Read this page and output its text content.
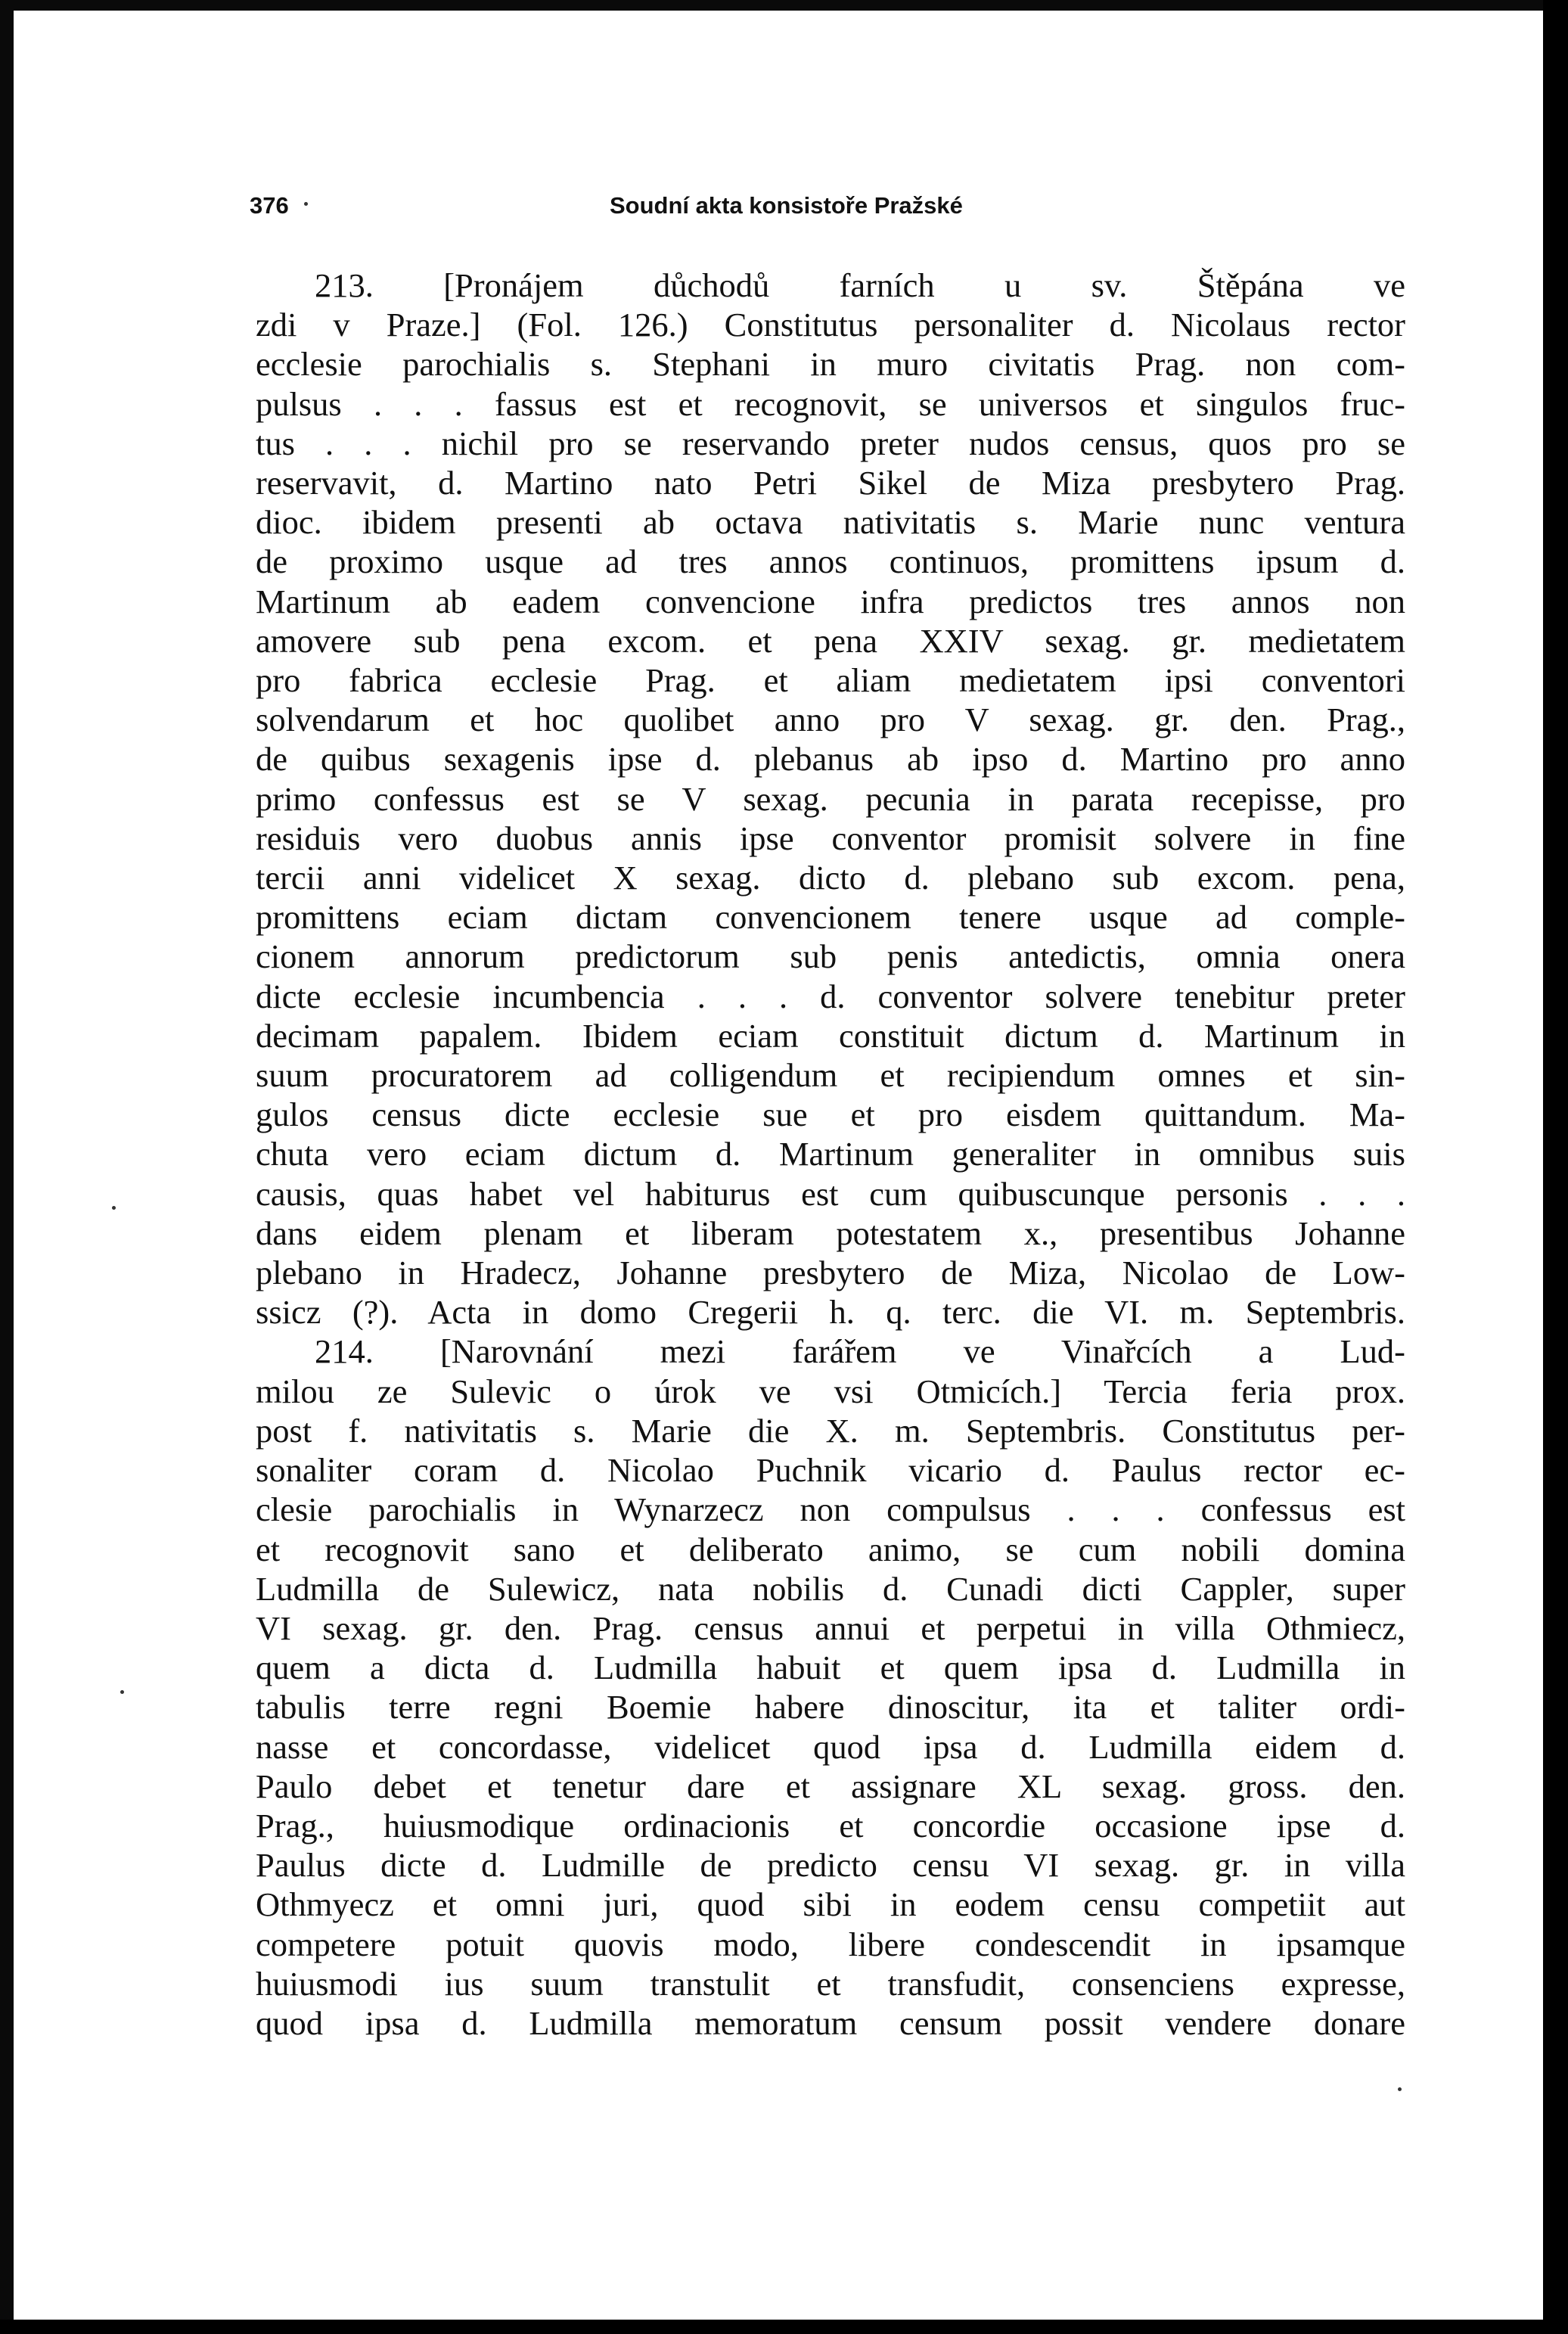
376	Soudní akta konsistoře Pražské
213. [Pronájem důchodů farních u sv. Štěpána ve
zdi v Praze.] (Fol. 126.) Constitutus personaliter d. Nicolaus rector
ecclesie parochialis s. Stephani in muro civitatis Prag. non com-
pulsus . . . fassus est et recognovit, se universos et singulos fruc-
tus . . . nichil pro se reservando preter nudos census, quos pro se
reservavit, d. Martino nato Petri Sikel de Miza presbytero Prag.
dioc. ibidem presenti ab octava nativitatis s. Marie nunc ventura
de proximo usque ad tres annos continuos, promittens ipsum d.
Martinum ab eadem convencione infra predictos tres annos non
amovere sub pena excom. et pena XXIV sexag. gr. medietatem
pro fabrica ecclesie Prag. et aliam medietatem ipsi conventori
solvendarum et hoc quolibet anno pro V sexag. gr. den. Prag.,
de quibus sexagenis ipse d. plebanus ab ipso d. Martino pro anno
primo confessus est se V sexag. pecunia in parata recepisse, pro
residuis vero duobus annis ipse conventor promisit solvere in fine
tercii anni videlicet X sexag. dicto d. plebano sub excom. pena,
promittens eciam dictam convencionem tenere usque ad comple-
cionem annorum predictorum sub penis antedictis, omnia onera
dicte ecclesie incumbencia . . . d. conventor solvere tenebitur preter
decimam papalem. Ibidem eciam constituit dictum d. Martinum in
suum procuratorem ad colligendum et recipiendum omnes et sin-
gulos census dicte ecclesie sue et pro eisdem quittandum. Ma-
chuta vero eciam dictum d. Martinum generaliter in omnibus suis
causis, quas habet vel habiturus est cum quibuscunque personis . . .
dans eidem plenam et liberam potestatem x., presentibus Johanne
plebano in Hradecz, Johanne presbytero de Miza, Nicolao de Low-
ssicz (?). Acta in domo Cregerii h. q. terc. die VI. m. Septembris.
214. [Narovnání mezi farářem ve Vinařcích a Lud-
milou ze Sulevic o úrok ve vsi Otmicích.] Tercia feria prox.
post f. nativitatis s. Marie die X. m. Septembris. Constitutus per-
sonaliter coram d. Nicolao Puchnik vicario d. Paulus rector ec-
clesie parochialis in Wynarzecz non compulsus . . . confessus est
et recognovit sano et deliberato animo, se cum nobili domina
Ludmilla de Sulewicz, nata nobilis d. Cunadi dicti Cappler, super
VI sexag. gr. den. Prag. census annui et perpetui in villa Othmiecz,
quem a dicta d. Ludmilla habuit et quem ipsa d. Ludmilla in
tabulis terre regni Boemie habere dinoscitur, ita et taliter ordi-
nasse et concordasse, videlicet quod ipsa d. Ludmilla eidem d.
Paulo debet et tenetur dare et assignare XL sexag. gross. den.
Prag., huiusmodique ordinacionis et concordie occasione ipse d.
Paulus dicte d. Ludmille de predicto censu VI sexag. gr. in villa
Othmyecz et omni juri, quod sibi in eodem censu competiit aut
competere potuit quovis modo, libere condescendit in ipsamque
huiusmodi ius suum transtulit et transfudit, consenciens expresse,
quod ipsa d. Ludmilla memoratum censum possit vendere donare
